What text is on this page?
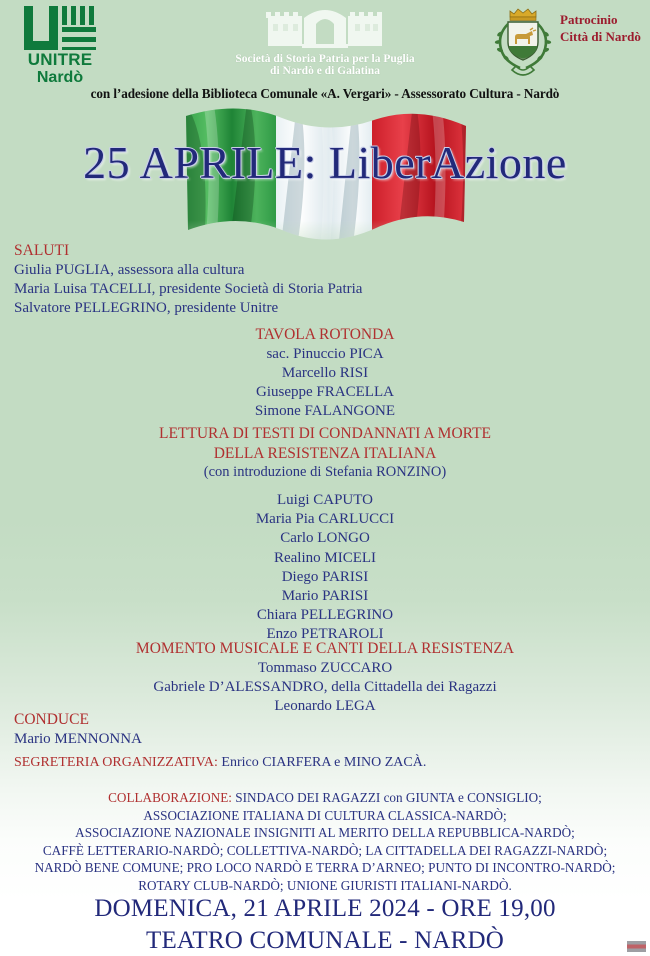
UNITRE
Nardò
Società di Storia Patria per la Puglia
di Nardò e di Galatina
Patrocinio
Città di Nardò
con l’adesione della Biblioteca Comunale «A. Vergari» - Assessorato Cultura - Nardò
25 APRILE: LiberAzione
SALUTI
Giulia PUGLIA, assessora alla cultura
Maria Luisa TACELLI, presidente Società di Storia Patria
Salvatore PELLEGRINO, presidente Unitre
TAVOLA ROTONDA
sac. Pinuccio PICA
Marcello RISI
Giuseppe FRACELLA
Simone FALANGONE
LETTURA DI TESTI DI CONDANNATI A MORTE
DELLA RESISTENZA ITALIANA
(con introduzione di Stefania RONZINO)
Luigi CAPUTO
Maria Pia CARLUCCI
Carlo LONGO
Realino MICELI
Diego PARISI
Mario PARISI
Chiara PELLEGRINO
Enzo PETRAROLI
MOMENTO MUSICALE E CANTI DELLA RESISTENZA
Tommaso ZUCCARO
Gabriele D’ALESSANDRO, della Cittadella dei Ragazzi
Leonardo LEGA
CONDUCE
Mario MENNONNA
SEGRETERIA ORGANIZZATIVA: Enrico CIARFERA e MINO ZACÀ.
COLLABORAZIONE: SINDACO DEI RAGAZZI con GIUNTA e CONSIGLIO;
ASSOCIAZIONE ITALIANA DI CULTURA CLASSICA-NARDÒ;
ASSOCIAZIONE NAZIONALE INSIGNITI AL MERITO DELLA REPUBBLICA-NARDÒ;
CAFFÈ LETTERARIO-NARDÒ; COLLETTIVA-NARDÒ; LA CITTADELLA DEI RAGAZZI-NARDÒ;
NARDÒ BENE COMUNE; PRO LOCO NARDÒ E TERRA D’ARNEO; PUNTO DI INCONTRO-NARDÒ;
ROTARY CLUB-NARDÒ; UNIONE GIURISTI ITALIANI-NARDÒ.
DOMENICA, 21 APRILE 2024 - ORE 19,00
TEATRO COMUNALE - NARDÒ
